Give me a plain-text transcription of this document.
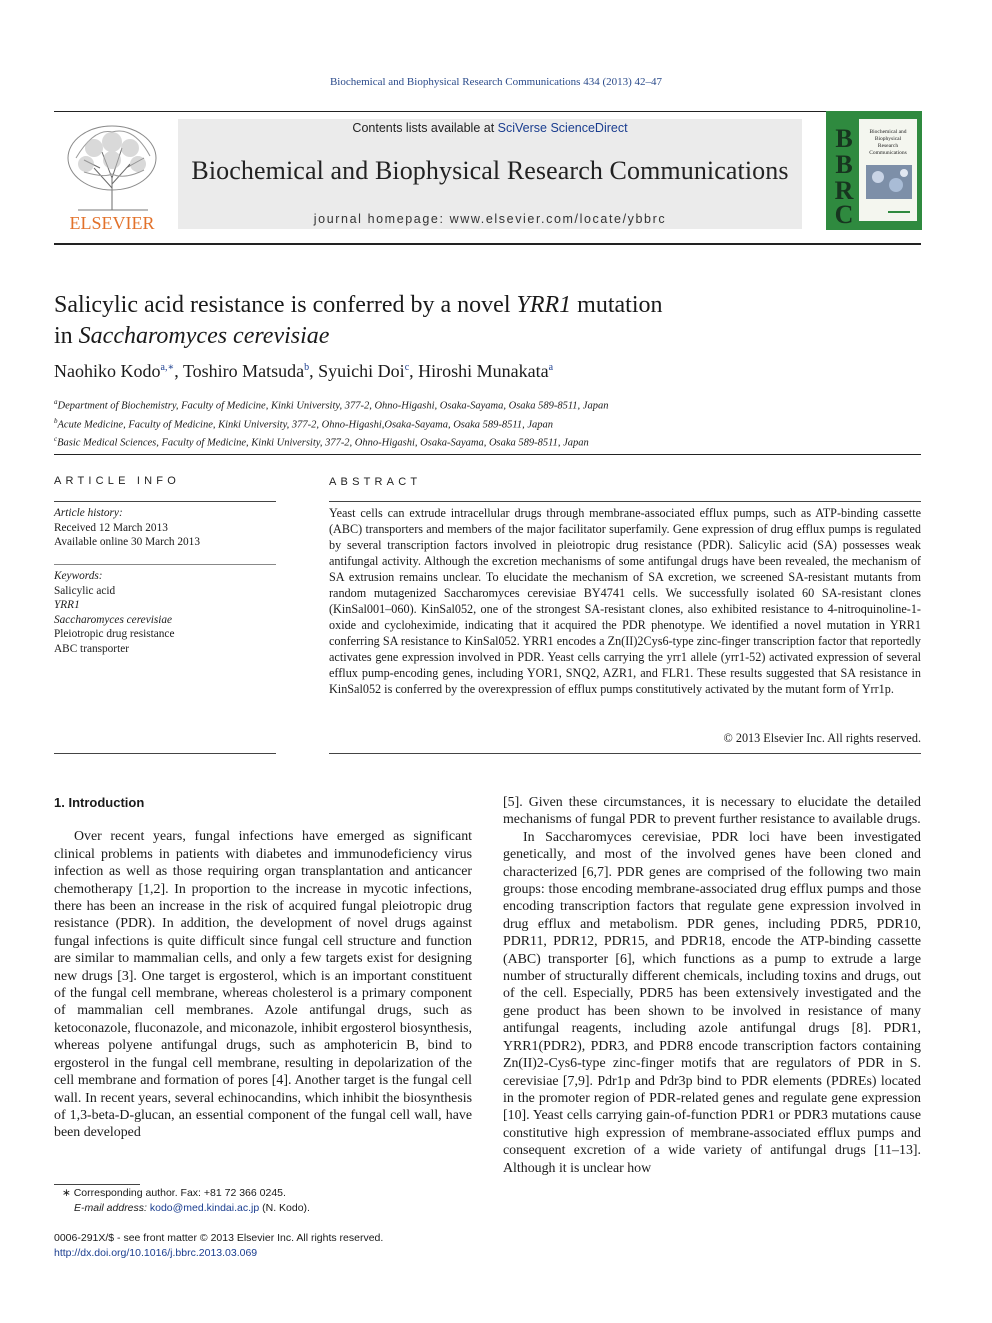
Biochemical and Biophysical Research Communications 434 (2013) 42–47
ELSEVIER
Contents lists available at SciVerse ScienceDirect
Biochemical and Biophysical Research Communications
journal homepage: www.elsevier.com/locate/ybbrc
B
B
R
C
Biochemical and
Biophysical
Research
Communications
Salicylic acid resistance is conferred by a novel YRR1 mutation
in Saccharomyces cerevisiae
Naohiko Kodo$^{a,∗}$, Toshiro Matsuda$^b$, Syuichi Doi$^c$, Hiroshi Munakata$^a$
$^a$Department of Biochemistry, Faculty of Medicine, Kinki University, 377-2, Ohno-Higashi, Osaka-Sayama, Osaka 589-8511, Japan
$^b$Acute Medicine, Faculty of Medicine, Kinki University, 377-2, Ohno-Higashi,Osaka-Sayama, Osaka 589-8511, Japan
$^c$Basic Medical Sciences, Faculty of Medicine, Kinki University, 377-2, Ohno-Higashi, Osaka-Sayama, Osaka 589-8511, Japan
ARTICLE INFO
Article history:
Received 12 March 2013
Available online 30 March 2013
Keywords:
Salicylic acid
YRR1
Saccharomyces cerevisiae
Pleiotropic drug resistance
ABC transporter
ABSTRACT
Yeast cells can extrude intracellular drugs through membrane-associated efflux pumps, such as ATP-binding cassette (ABC) transporters and members of the major facilitator superfamily. Gene expression of drug efflux pumps is regulated by several transcription factors involved in pleiotropic drug resistance (PDR). Salicylic acid (SA) possesses weak antifungal activity. Although the excretion mechanisms of some antifungal drugs have been revealed, the mechanism of SA extrusion remains unclear. To elucidate the mechanism of SA excretion, we screened SA-resistant mutants from random mutagenized Saccharomyces cerevisiae BY4741 cells. We successfully isolated 60 SA-resistant clones (KinSal001–060). KinSal052, one of the strongest SA-resistant clones, also exhibited resistance to 4-nitroquinoline-1-oxide and cycloheximide, indicating that it acquired the PDR phenotype. We identified a novel mutation in YRR1 conferring SA resistance to KinSal052. YRR1 encodes a Zn(II)2Cys6-type zinc-finger transcription factor that reportedly activates gene expression involved in PDR. Yeast cells carrying the yrr1 allele (yrr1-52) activated expression of several efflux pump-encoding genes, including YOR1, SNQ2, AZR1, and FLR1. These results suggested that SA resistance in KinSal052 is conferred by the overexpression of efflux pumps constitutively activated by the mutant form of Yrr1p.
© 2013 Elsevier Inc. All rights reserved.
1. Introduction

Over recent years, fungal infections have emerged as significant clinical problems in patients with diabetes and immunodeficiency virus infection as well as those requiring organ transplantation and anticancer chemotherapy [1,2]. In proportion to the increase in mycotic infections, there has been an increase in the risk of acquired fungal pleiotropic drug resistance (PDR). In addition, the development of novel drugs against fungal infections is quite difficult since fungal cell structure and function are similar to mammalian cells, and only a few targets exist for designing new drugs [3]. One target is ergosterol, which is an important constituent of the fungal cell membrane, whereas cholesterol is a primary component of mammalian cell membranes. Azole antifungal drugs, such as ketoconazole, fluconazole, and miconazole, inhibit ergosterol biosynthesis, whereas polyene antifungal drugs, such as amphotericin B, bind to ergosterol in the fungal cell membrane, resulting in depolarization of the cell membrane and formation of pores [4]. Another target is the fungal cell wall. In recent years, several echinocandins, which inhibit the biosynthesis of 1,3-beta-D-glucan, an essential component of the fungal cell wall, have been developed

[5]. Given these circumstances, it is necessary to elucidate the detailed mechanisms of fungal PDR to prevent further resistance to available drugs.

In Saccharomyces cerevisiae, PDR loci have been investigated genetically, and most of the involved genes have been cloned and characterized [6,7]. PDR genes are comprised of the following two main groups: those encoding membrane-associated drug efflux pumps and those encoding transcription factors that regulate gene expression involved in drug efflux and metabolism. PDR genes, including PDR5, PDR10, PDR11, PDR12, PDR15, and PDR18, encode the ATP-binding cassette (ABC) transporter [6], which functions as a pump to extrude a large number of structurally different chemicals, including toxins and drugs, out of the cell. Especially, PDR5 has been extensively investigated and the gene product has been shown to be involved in resistance of many antifungal reagents, including azole antifungal drugs [8]. PDR1, YRR1(PDR2), PDR3, and PDR8 encode transcription factors containing Zn(II)2-Cys6-type zinc-finger motifs that are regulators of PDR in S. cerevisiae [7,9]. Pdr1p and Pdr3p bind to PDR elements (PDREs) located in the promoter region of PDR-related genes and regulate gene expression [10]. Yeast cells carrying gain-of-function PDR1 or PDR3 mutations cause constitutive high expression of membrane-associated efflux pumps and consequent excretion of a wide variety of antifungal drugs [11–13]. Although it is unclear how

∗ Corresponding author. Fax: +81 72 366 0245.
E-mail address: kodo@med.kindai.ac.jp (N. Kodo).
0006-291X/$ - see front matter © 2013 Elsevier Inc. All rights reserved.
http://dx.doi.org/10.1016/j.bbrc.2013.03.069
